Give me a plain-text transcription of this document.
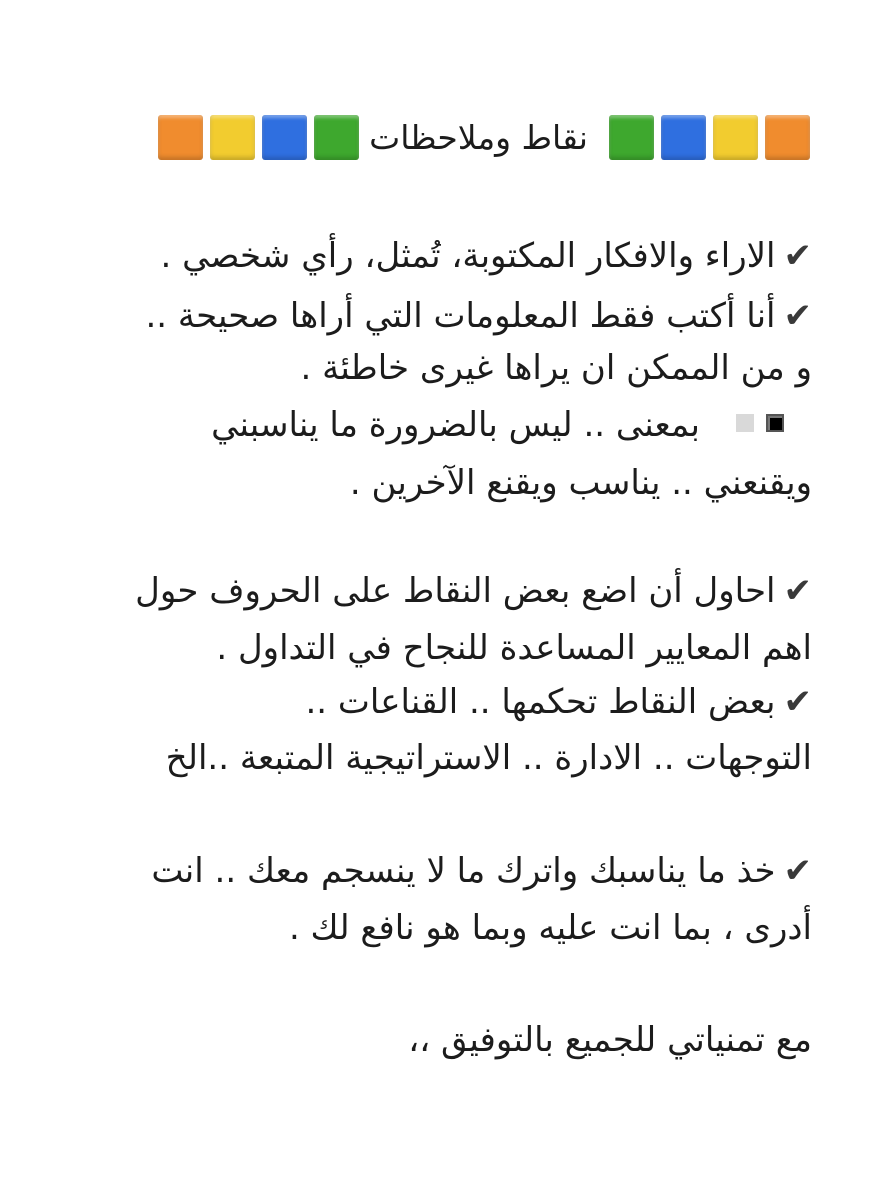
نقاط وملاحظات
✔الاراء والافكار المكتوبة، تُمثل، رأي شخصي .
✔أنا أكتب فقط المعلومات التي أراها صحيحة ..
و من الممكن ان يراها غيرى خاطئة .
بمعنى .. ليس بالضرورة ما يناسبني
ويقنعني .. يناسب ويقنع الآخرين .
✔احاول أن اضع بعض النقاط على الحروف حول
اهم المعايير المساعدة للنجاح في التداول .
✔بعض النقاط تحكمها .. القناعات ..
التوجهات .. الادارة .. الاستراتيجية المتبعة ..الخ
✔خذ ما يناسبك واترك ما لا ينسجم معك .. انت
أدرى ، بما انت عليه وبما هو نافع لك .
مع تمنياتي للجميع بالتوفيق ،،
